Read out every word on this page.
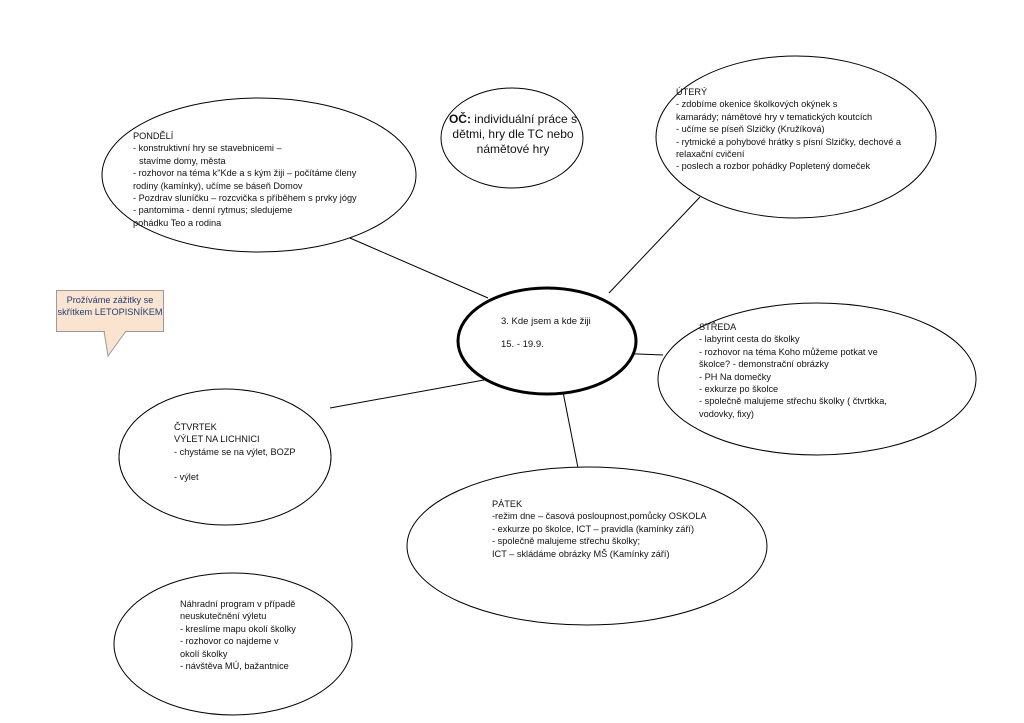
Prožíváme zážitky se skřítkem LETOPISNÍKEM
OČ: individuální práce s dětmi, hry dle TC nebo námětové hry
PONDĚLÍ
- konstruktivní hry se stavebnicemi –
stavíme domy, města
- rozhovor na téma k"Kde a s kým žiji – počítáme členy
rodiny (kamínky), učíme se báseň Domov
- Pozdrav sluníčku – rozcvička s příběhem s prvky jógy
- pantomima - denní rytmus; sledujeme
pohádku Teo a rodina
ÚTERÝ
- zdobíme okenice školkových okýnek s
kamarády; námětové hry v tematických koutcích
- učíme se píseň Slzičky (Kružíková)
- rytmické a pohybové hrátky s písní Slzičky, dechové a
relaxační cvičení
- poslech a rozbor pohádky Popletený domeček
3. Kde jsem a kde žiji
15. - 19.9.
STŘEDA
- labyrint cesta do školky
- rozhovor na téma Koho můžeme potkat ve
školce? - demonstrační obrázky
- PH Na domečky
- exkurze po školce
- společně malujeme střechu školky ( čtvrtkka,
vodovky, fixy)
ČTVRTEK
VÝLET NA LICHNICI
- chystáme se na výlet, BOZP
- výlet
PÁTEK
-režim dne – časová posloupnost,pomůcky OSKOLA
- exkurze po školce, ICT – pravidla (kamínky září)
- společně malujeme střechu školky;
ICT – skládáme obrázky MŠ (Kamínky září)
Náhradní program v případě
neuskutečnění výletu
- kreslíme mapu okolí školky
- rozhovor co najdeme v
okolí školky
- návštěva MÚ, bažantnice
